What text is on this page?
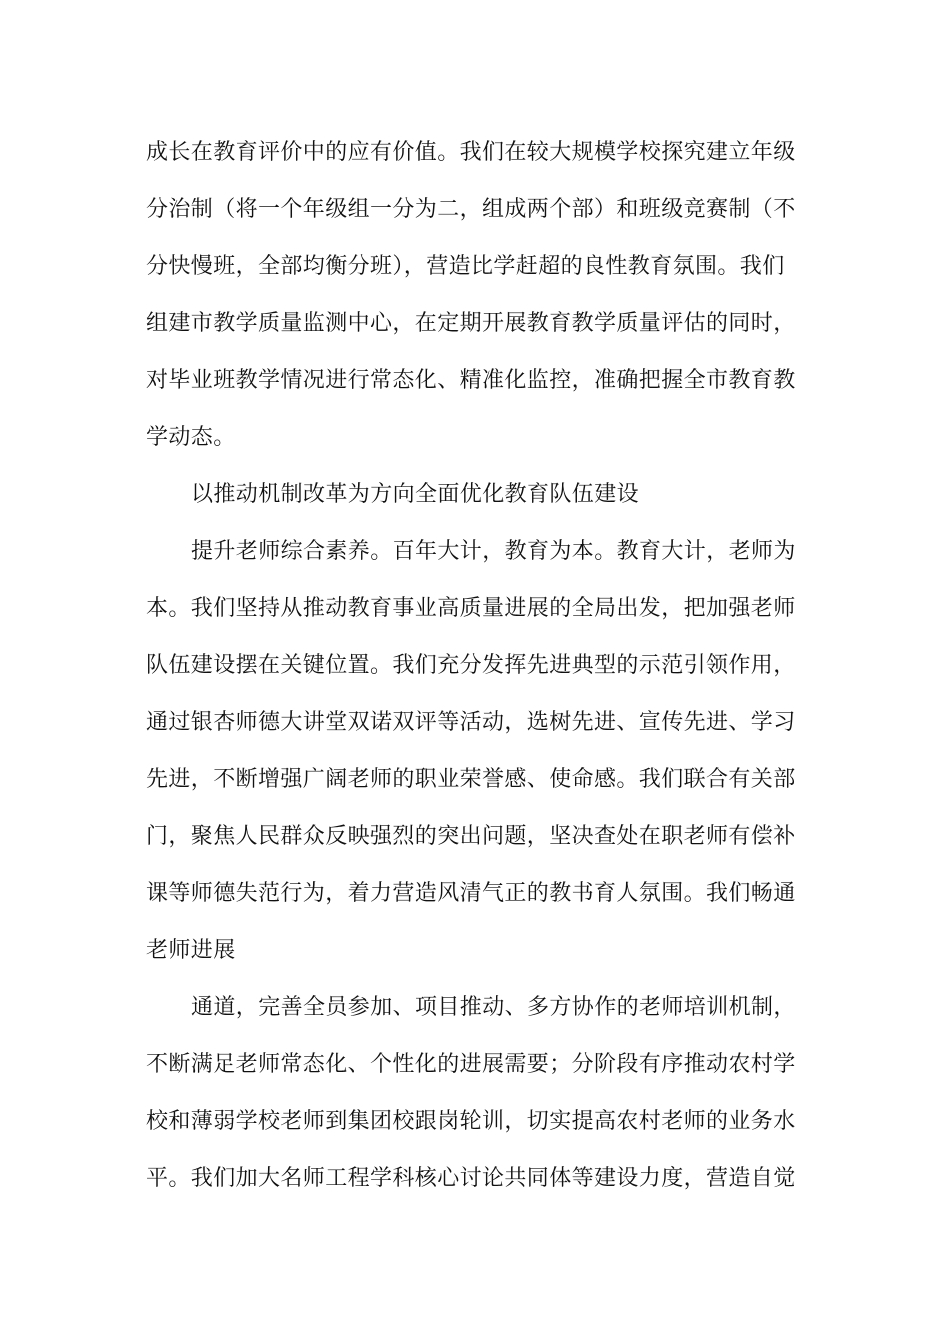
成长在教育评价中的应有价值。我们在较大规模学校探究建立年级
分治制（将一个年级组一分为二，组成两个部）和班级竞赛制（不
分快慢班，全部均衡分班），营造比学赶超的良性教育氛围。我们
组建市教学质量监测中心，在定期开展教育教学质量评估的同时，
对毕业班教学情况进行常态化、精准化监控，准确把握全市教育教
学动态。
以推动机制改革为方向全面优化教育队伍建设
提升老师综合素养。百年大计，教育为本。教育大计，老师为
本。我们坚持从推动教育事业高质量进展的全局出发，把加强老师
队伍建设摆在关键位置。我们充分发挥先进典型的示范引领作用，
通过银杏师德大讲堂双诺双评等活动，选树先进、宣传先进、学习
先进，不断增强广阔老师的职业荣誉感、使命感。我们联合有关部
门，聚焦人民群众反映强烈的突出问题，坚决查处在职老师有偿补
课等师德失范行为，着力营造风清气正的教书育人氛围。我们畅通
老师进展
通道，完善全员参加、项目推动、多方协作的老师培训机制，
不断满足老师常态化、个性化的进展需要；分阶段有序推动农村学
校和薄弱学校老师到集团校跟岗轮训，切实提高农村老师的业务水
平。我们加大名师工程学科核心讨论共同体等建设力度，营造自觉
